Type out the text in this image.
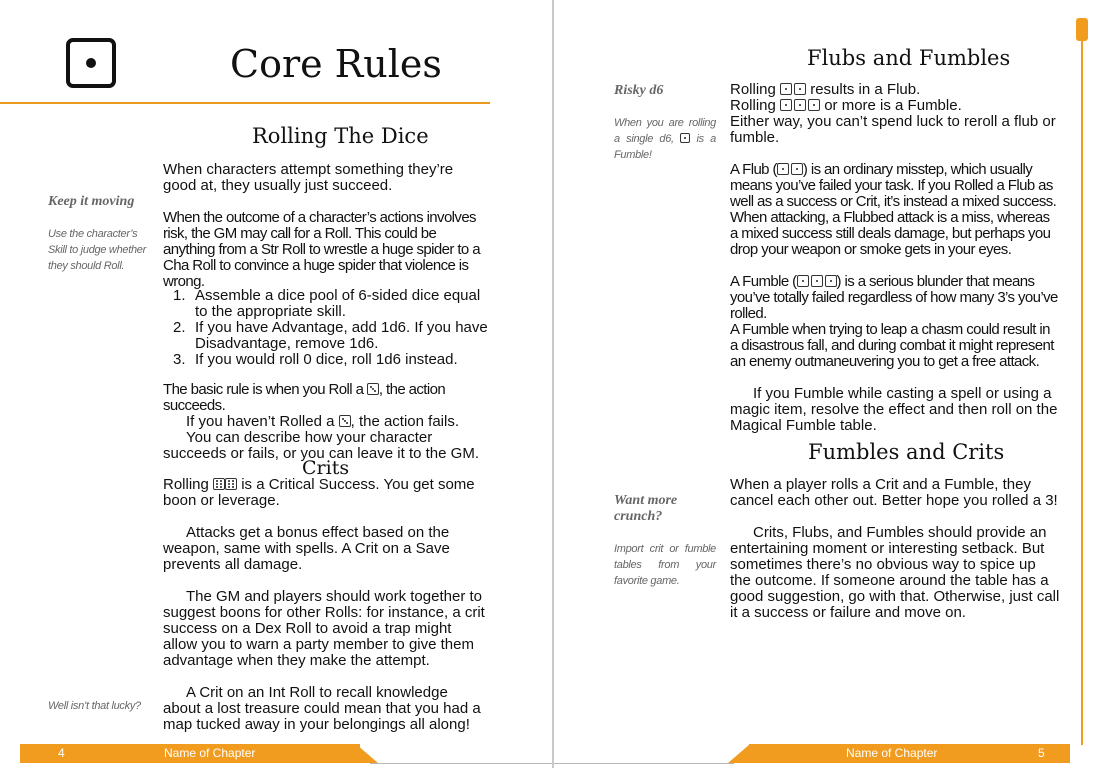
Core Rules
Rolling The Dice
Keep it moving
Use the character’s Skill to judge whether they should Roll.

When characters attempt something they’re good at, they usually just succeed.

When the outcome of a character’s actions involves risk, the GM may call for a Roll. This could be anything from a Str Roll to wrestle a huge spider to a Cha Roll to convince a huge spider that violence is wrong.

1. Assemble a dice pool of 6-sided dice equal to the appropriate skill.
2. If you have Advantage, add 1d6. If you have Disadvantage, remove 1d6.
3. If you would roll 0 dice, roll 1d6 instead.

The basic rule is when you Roll a , the action succeeds.

If you haven’t Rolled a , the action fails.

You can describe how your character succeeds or fails, or you can leave it to the GM.

Crits

Rolling is a Critical Success. You get some boon or leverage.

Attacks get a bonus effect based on the weapon, same with spells. A Crit on a Save prevents all damage.

The GM and players should work together to suggest boons for other Rolls: for instance, a crit success on a Dex Roll to avoid a trap might allow you to warn a party member to give them advantage when they make the attempt.

A Crit on an Int Roll to recall knowledge about a lost treasure could mean that you had a map tucked away in your belongings all along!

Well isn’t that lucky?
4	Name of Chapter
Flubs and Fumbles
Risky d6
When you are rolling a single d6, is a Fumble!

Rolling results in a Flub.

Rolling	or more is a Fumble.

Either way, you can’t spend luck to reroll a flub or fumble.

A Flub ( ) is an ordinary misstep, which usually means you’ve failed your task. If you Rolled a Flub as well as a success or Crit, it’s instead a mixed success. When attacking, a Flubbed attack is a miss, whereas a mixed success still deals damage, but perhaps you drop your weapon or smoke gets in your eyes.

A Fumble (	) is a serious blunder that means you’ve totally failed regardless of how many 3’s you’ve rolled.

A Fumble when trying to leap a chasm could result in a disastrous fall, and during combat it might represent an enemy outmaneuvering you to get a free attack.

If you Fumble while casting a spell or using a magic item, resolve the effect and then roll on the Magical Fumble table.

Fumbles and Crits
Want more crunch?
Import crit or fumble tables from your favorite game.

When a player rolls a Crit and a Fumble, they cancel each other out. Better hope you rolled a 3!

Crits, Flubs, and Fumbles should provide an entertaining moment or interesting setback. But sometimes there’s no obvious way to spice up the outcome. If someone around the table has a good suggestion, go with that. Otherwise, just call it a success or failure and move on.

Name of Chapter	5
